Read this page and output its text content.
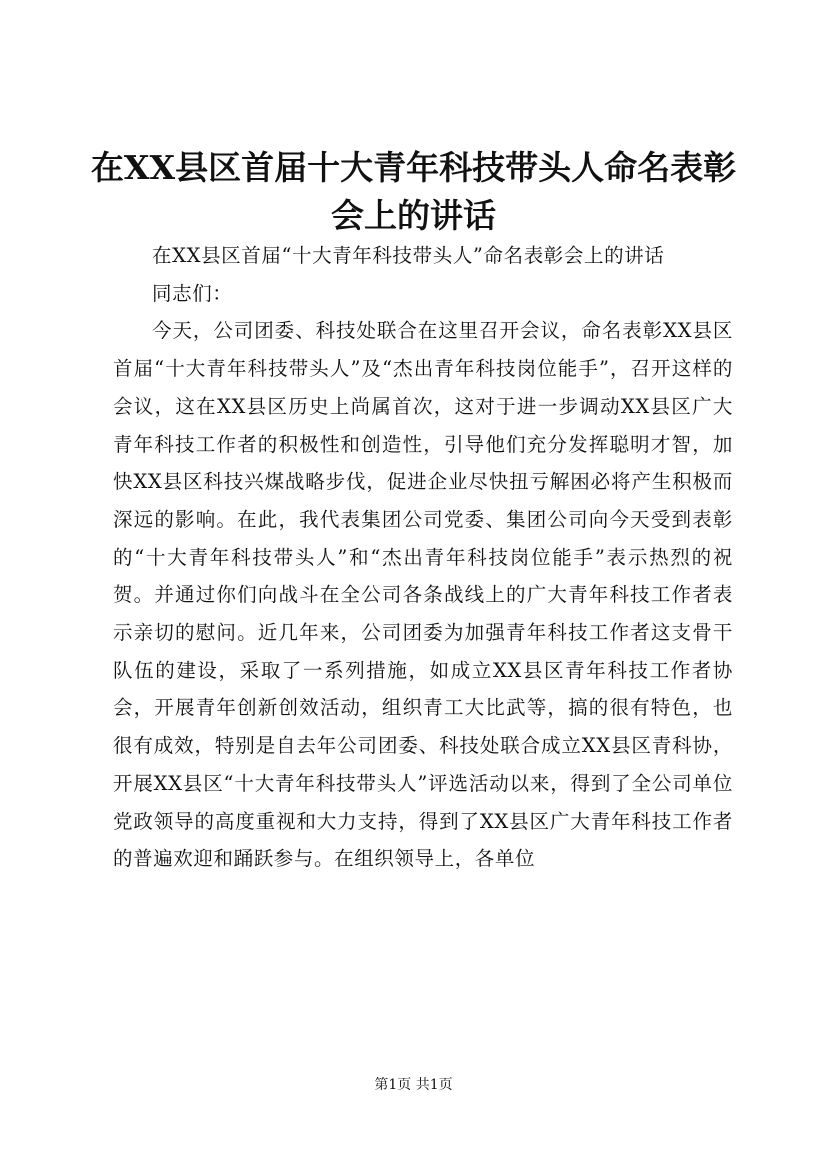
在XX县区首届十大青年科技带头人命名表彰
会上的讲话

在XX县区首届“十大青年科技带头人”命名表彰会上的讲话

同志们：

今天，公司团委、科技处联合在这里召开会议，命名表彰XX县区首届“十大青年科技带头人”及“杰出青年科技岗位能手”，召开这样的会议，这在XX县区历史上尚属首次，这对于进一步调动XX县区广大青年科技工作者的积极性和创造性，引导他们充分发挥聪明才智，加快XX县区科技兴煤战略步伐，促进企业尽快扭亏解困必将产生积极而深远的影响。在此，我代表集团公司党委、集团公司向今天受到表彰的“十大青年科技带头人”和“杰出青年科技岗位能手”表示热烈的祝贺。并通过你们向战斗在全公司各条战线上的广大青年科技工作者表示亲切的慰问。近几年来，公司团委为加强青年科技工作者这支骨干队伍的建设，采取了一系列措施，如成立XX县区青年科技工作者协会，开展青年创新创效活动，组织青工大比武等，搞的很有特色，也很有成效，特别是自去年公司团委、科技处联合成立XX县区青科协，开展XX县区“十大青年科技带头人”评选活动以来，得到了全公司单位党政领导的高度重视和大力支持，得到了XX县区广大青年科技工作者的普遍欢迎和踊跃参与。在组织领导上，各单位

第1页 共1页
